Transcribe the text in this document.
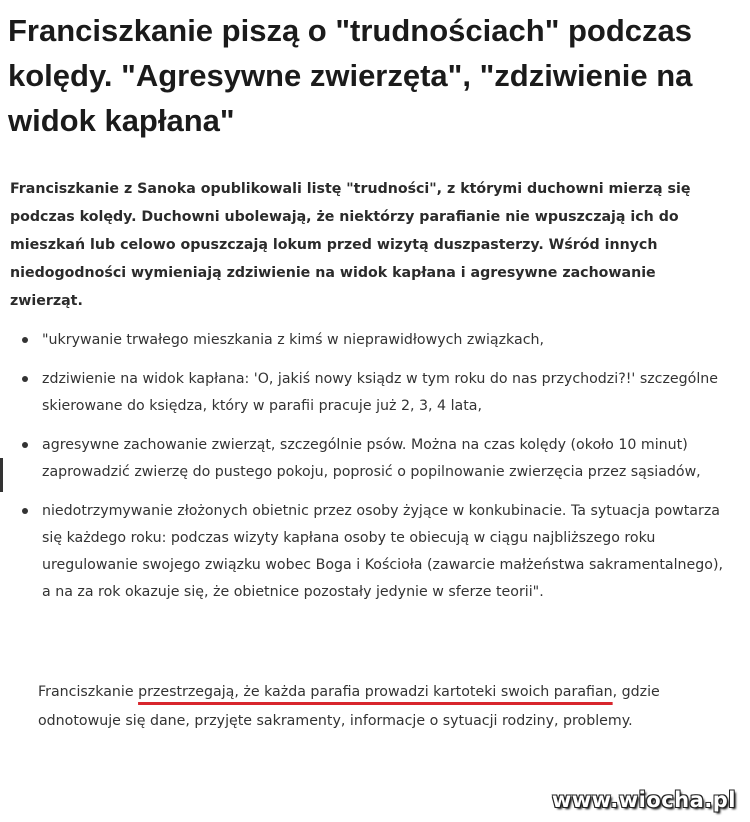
Franciszkanie piszą o "trudnościach" podczas kolędy. "Agresywne zwierzęta", "zdziwienie na widok kapłana"

Franciszkanie z Sanoka opublikowali listę "trudności", z którymi duchowni mierzą się podczas kolędy. Duchowni ubolewają, że niektórzy parafianie nie wpuszczają ich do mieszkań lub celowo opuszczają lokum przed wizytą duszpasterzy. Wśród innych niedogodności wymieniają zdziwienie na widok kapłana i agresywne zachowanie zwierząt.

"ukrywanie trwałego mieszkania z kimś w nieprawidłowych związkach,
zdziwienie na widok kapłana: 'O, jakiś nowy ksiądz w tym roku do nas przychodzi?!' szczególne skierowane do księdza, który w parafii pracuje już 2, 3, 4 lata,
agresywne zachowanie zwierząt, szczególnie psów. Można na czas kolędy (około 10 minut) zaprowadzić zwierzę do pustego pokoju, poprosić o popilnowanie zwierzęcia przez sąsiadów,
niedotrzymywanie złożonych obietnic przez osoby żyjące w konkubinacie. Ta sytuacja powtarza się każdego roku: podczas wizyty kapłana osoby te obiecują w ciągu najbliższego roku uregulowanie swojego związku wobec Boga i Kościoła (zawarcie małżeństwa sakramentalnego), a na za rok okazuje się, że obietnice pozostały jedynie w sferze teorii".

Franciszkanie przestrzegają, że każda parafia prowadzi kartoteki swoich parafian, gdzie odnotowuje się dane, przyjęte sakramenty, informacje o sytuacji rodziny, problemy.

www.wiocha.pl
